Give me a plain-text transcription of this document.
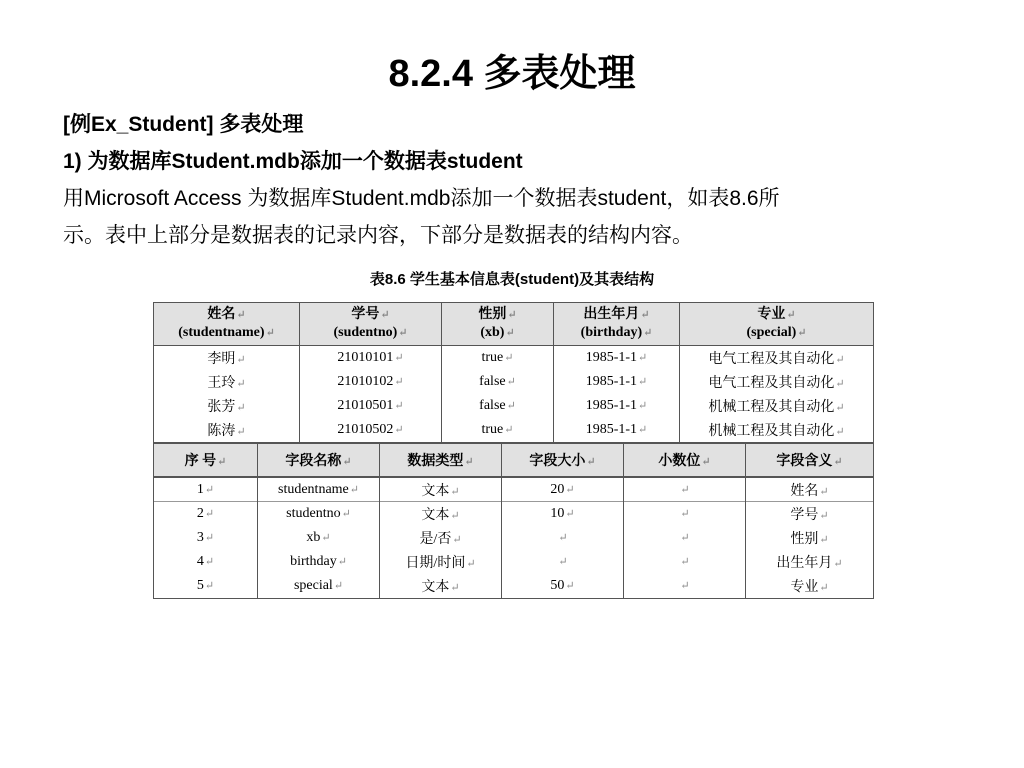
8.2.4 多表处理
[例Ex_Student] 多表处理
1) 为数据库Student.mdb添加一个数据表student
用Microsoft Access 为数据库Student.mdb添加一个数据表student，如表8.6所
示。表中上部分是数据表的记录内容，下部分是数据表的结构内容。
表8.6 学生基本信息表(student)及其表结构
姓名 ↵
(studentname) ↵	学号 ↵
(sudentno) ↵	性别 ↵
(xb) ↵	出生年月 ↵
(birthday) ↵	专业 ↵
(special) ↵
李明 ↵	21010101 ↵	true ↵	1985-1-1 ↵	电气工程及其自动化 ↵
王玲 ↵	21010102 ↵	false ↵	1985-1-1 ↵	电气工程及其自动化 ↵
张芳 ↵	21010501 ↵	false ↵	1985-1-1 ↵	机械工程及其自动化 ↵
陈涛 ↵	21010502 ↵	true ↵	1985-1-1 ↵	机械工程及其自动化 ↵
序 号 ↵	字段名称 ↵	数据类型 ↵	字段大小 ↵	小数位 ↵	字段含义 ↵
1 ↵	studentname ↵	文本 ↵	20 ↵	↵	姓名 ↵
2 ↵	studentno ↵	文本 ↵	10 ↵	↵	学号 ↵
3 ↵	xb ↵	是/否 ↵	↵	↵	性别 ↵
4 ↵	birthday ↵	日期/时间 ↵	↵	↵	出生年月 ↵
5 ↵	special ↵	文本 ↵	50 ↵	↵	专业 ↵
